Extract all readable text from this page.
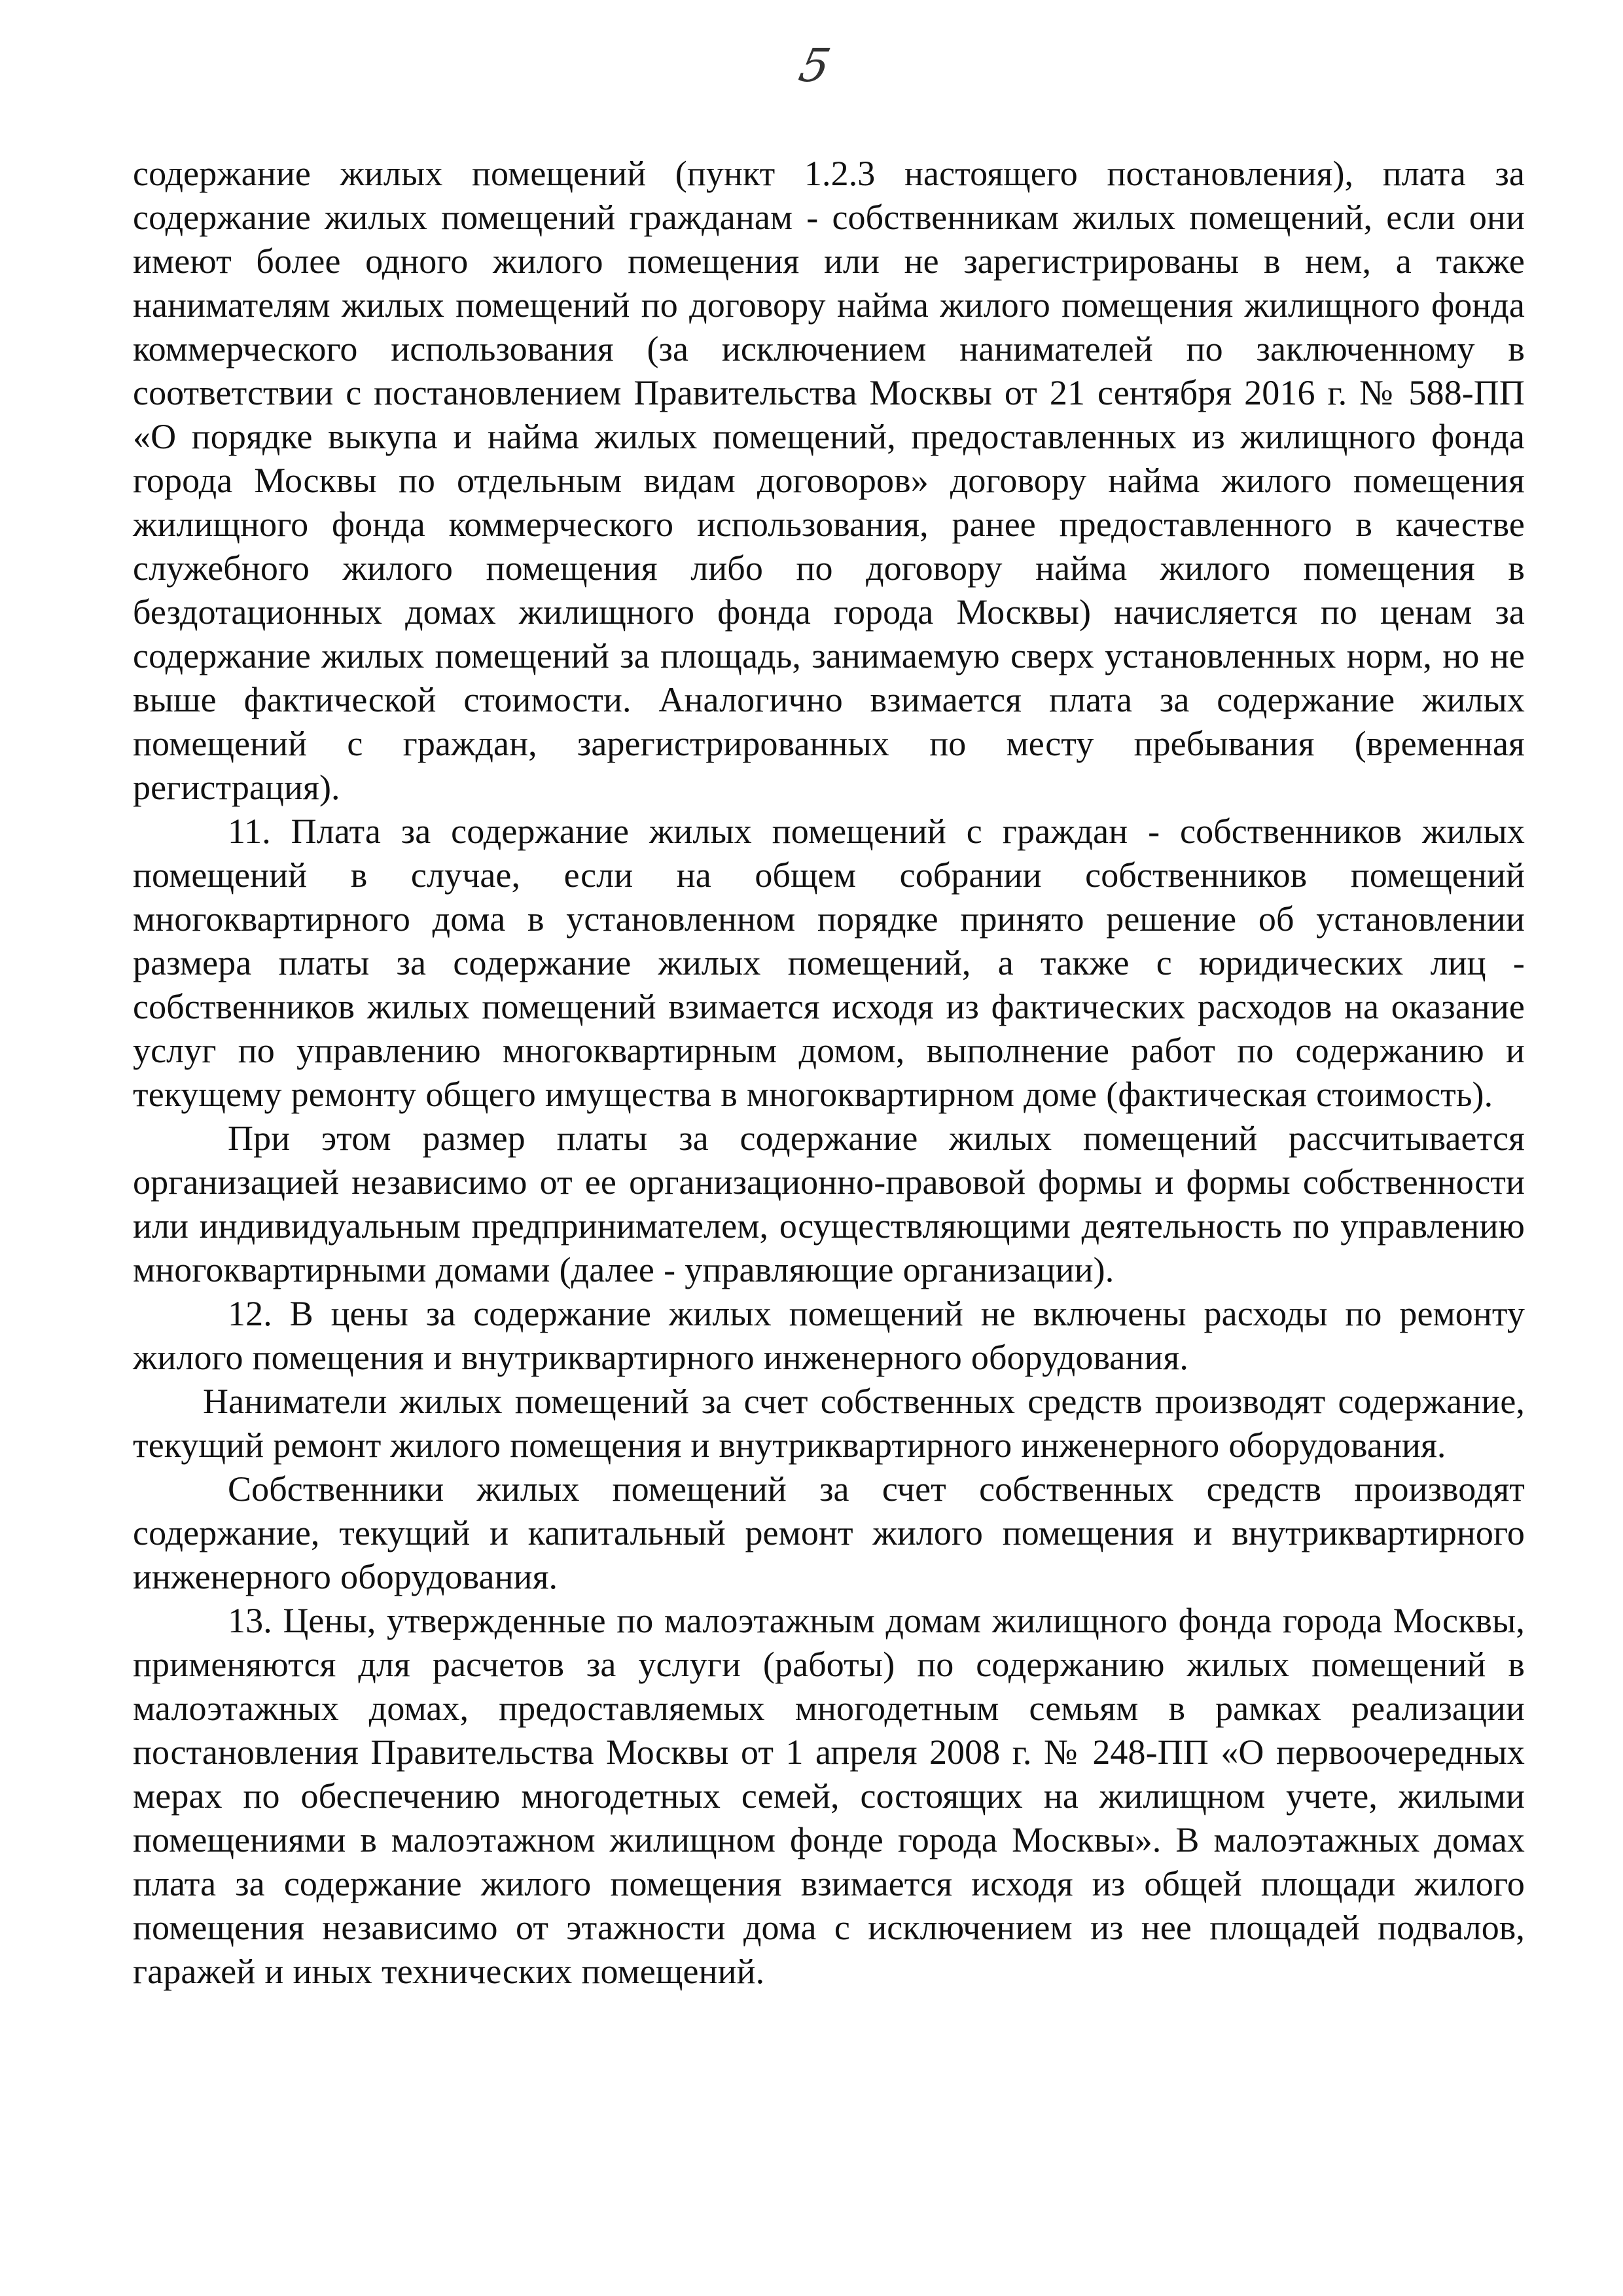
5

содержание жилых помещений (пункт 1.2.3 настоящего постановления), плата за содержание жилых помещений гражданам - собственникам жилых помещений, если они имеют более одного жилого помещения или не зарегистрированы в нем, а также нанимателям жилых помещений по договору найма жилого помещения жилищного фонда коммерческого использования (за исключением нанимателей по заключенному в соответствии с постановлением Правительства Москвы от 21 сентября 2016 г. № 588-ПП «О порядке выкупа и найма жилых помещений, предоставленных из жилищного фонда города Москвы по отдельным видам договоров» договору найма жилого помещения жилищного фонда коммерческого использования, ранее предоставленного в качестве служебного жилого помещения либо по договору найма жилого помещения в бездотационных домах жилищного фонда города Москвы) начисляется по ценам за содержание жилых помещений за площадь, занимаемую сверх установленных норм, но не выше фактической стоимости. Аналогично взимается плата за содержание жилых помещений с граждан, зарегистрированных по месту пребывания (временная регистрация).

11. Плата за содержание жилых помещений с граждан - собственников жилых помещений в случае, если на общем собрании собственников помещений многоквартирного дома в установленном порядке принято решение об установлении размера платы за содержание жилых помещений, а также с юридических лиц - собственников жилых помещений взимается исходя из фактических расходов на оказание услуг по управлению многоквартирным домом, выполнение работ по содержанию и текущему ремонту общего имущества в многоквартирном доме (фактическая стоимость).

При этом размер платы за содержание жилых помещений рассчитывается организацией независимо от ее организационно-правовой формы и формы собственности или индивидуальным предпринимателем, осуществляющими деятельность по управлению многоквартирными домами (далее - управляющие организации).

12. В цены за содержание жилых помещений не включены расходы по ремонту жилого помещения и внутриквартирного инженерного оборудования.

Наниматели жилых помещений за счет собственных средств производят содержание, текущий ремонт жилого помещения и внутриквартирного инженерного оборудования.

Собственники жилых помещений за счет собственных средств производят содержание, текущий и капитальный ремонт жилого помещения и внутриквартирного инженерного оборудования.

13. Цены, утвержденные по малоэтажным домам жилищного фонда города Москвы, применяются для расчетов за услуги (работы) по содержанию жилых помещений в малоэтажных домах, предоставляемых многодетным семьям в рамках реализации постановления Правительства Москвы от 1 апреля 2008 г. № 248-ПП «О первоочередных мерах по обеспечению многодетных семей, состоящих на жилищном учете, жилыми помещениями в малоэтажном жилищном фонде города Москвы». В малоэтажных домах плата за содержание жилого помещения взимается исходя из общей площади жилого помещения независимо от этажности дома с исключением из нее площадей подвалов, гаражей и иных технических помещений.
